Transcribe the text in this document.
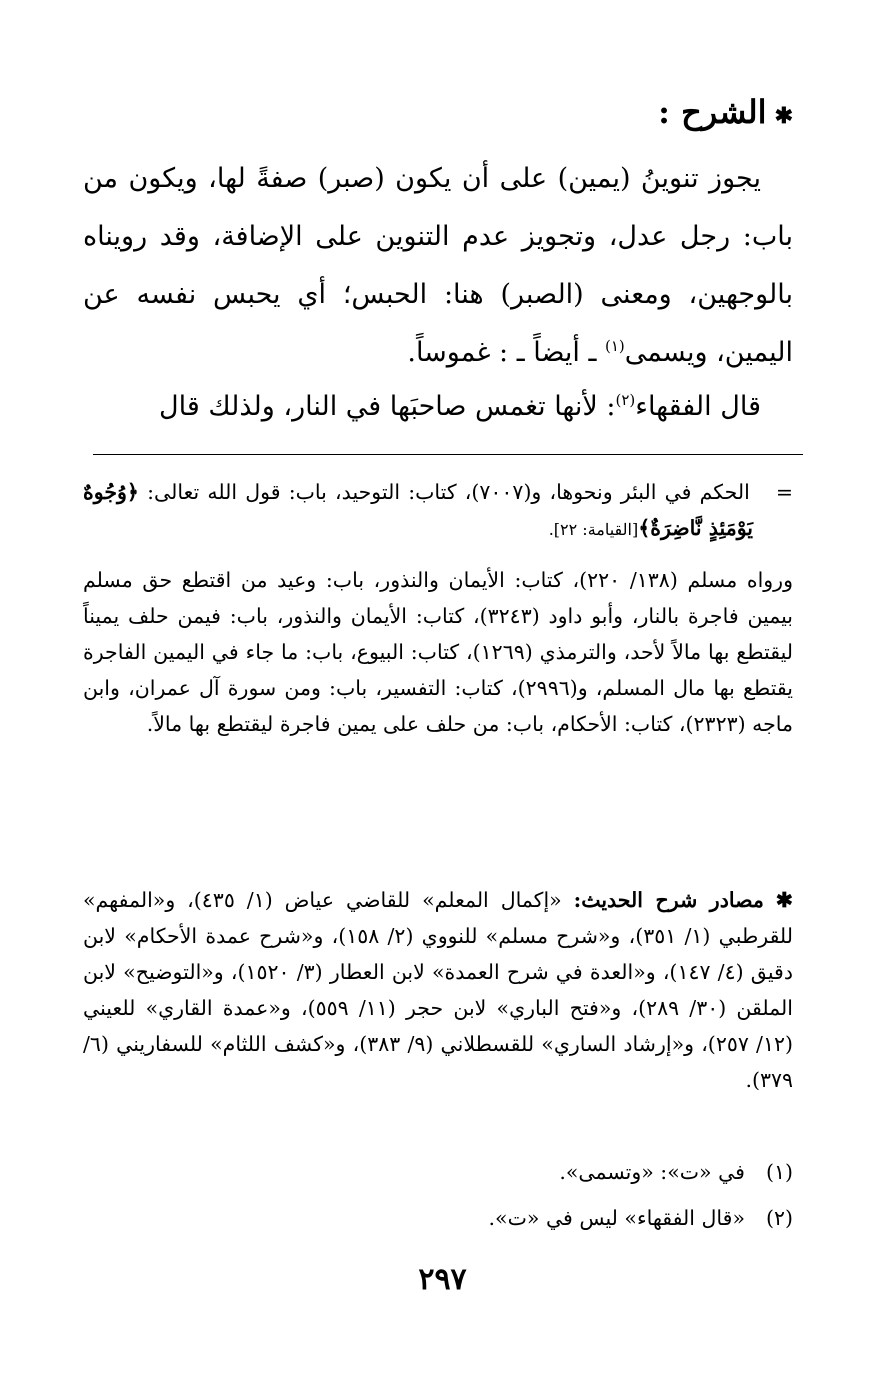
✱الشرح :
يجوز تنوينُ (يمين) على أن يكون (صبر) صفةً لها، ويكون من باب: رجل عدل، وتجويز عدم التنوين على الإضافة، وقد رويناه بالوجهين، ومعنى (الصبر) هنا: الحبس؛ أي يحبس نفسه عن اليمين، ويسمى$^{(١)}$ ـ أيضاً ـ : غموساً.
قال الفقهاء$^{(٢)}$: لأنها تغمس صاحبَها في النار، ولذلك قال
=
الحكم في البئر ونحوها، و(٧٠٠٧)، كتاب: التوحيد، باب: قول الله تعالى: ﴿وُجُوهٌ يَوْمَئِذٍ نَّاضِرَةٌ﴾[القيامة: ٢٢].
ورواه مسلم (١٣٨/ ٢٢٠)، كتاب: الأيمان والنذور، باب: وعيد من اقتطع حق مسلم بيمين فاجرة بالنار، وأبو داود (٣٢٤٣)، كتاب: الأيمان والنذور، باب: فيمن حلف يميناً ليقتطع بها مالاً لأحد، والترمذي (١٢٦٩)، كتاب: البيوع، باب: ما جاء في اليمين الفاجرة يقتطع بها مال المسلم، و(٢٩٩٦)، كتاب: التفسير، باب: ومن سورة آل عمران، وابن ماجه (٢٣٢٣)، كتاب: الأحكام، باب: من حلف على يمين فاجرة ليقتطع بها مالاً.
✱ مصادر شرح الحديث: «إكمال المعلم» للقاضي عياض (١/ ٤٣٥)، و«المفهم» للقرطبي (١/ ٣٥١)، و«شرح مسلم» للنووي (٢/ ١٥٨)، و«شرح عمدة الأحكام» لابن دقيق (٤/ ١٤٧)، و«العدة في شرح العمدة» لابن العطار (٣/ ١٥٢٠)، و«التوضيح» لابن الملقن (٣٠/ ٢٨٩)، و«فتح الباري» لابن حجر (١١/ ٥٥٩)، و«عمدة القاري» للعيني (١٢/ ٢٥٧)، و«إرشاد الساري» للقسطلاني (٩/ ٣٨٣)، و«كشف اللثام» للسفاريني (٦/ ٣٧٩).
(١)في «ت»: «وتسمى».
(٢)«قال الفقهاء» ليس في «ت».
٢٩٧
